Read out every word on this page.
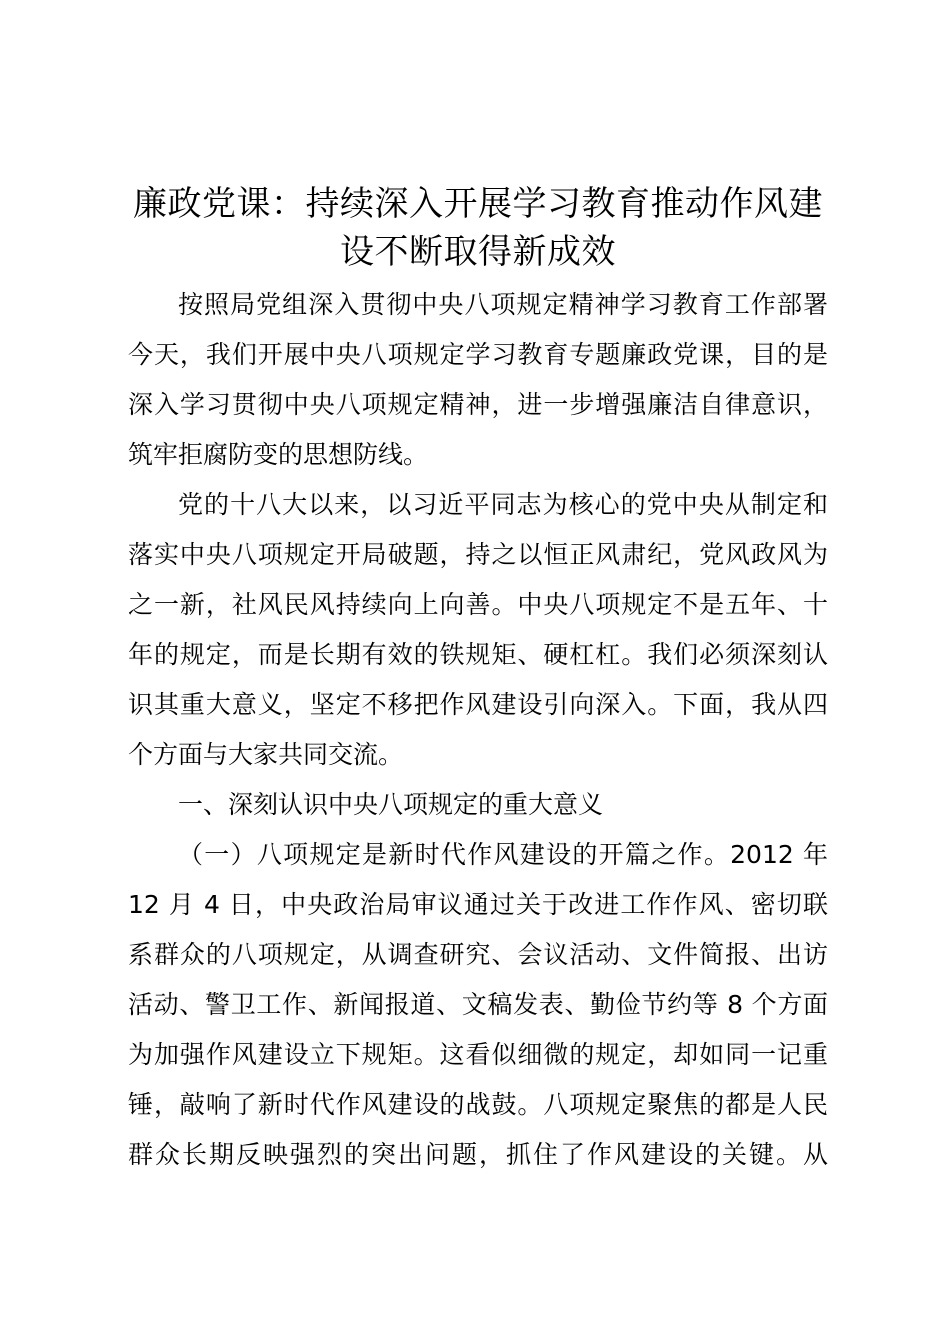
廉政党课：持续深入开展学习教育推动作风建
设不断取得新成效
按照局党组深入贯彻中央八项规定精神学习教育工作部署
今天，我们开展中央八项规定学习教育专题廉政党课，目的是
深入学习贯彻中央八项规定精神，进一步增强廉洁自律意识，
筑牢拒腐防变的思想防线。
党的十八大以来，以习近平同志为核心的党中央从制定和
落实中央八项规定开局破题，持之以恒正风肃纪，党风政风为
之一新，社风民风持续向上向善。中央八项规定不是五年、十
年的规定，而是长期有效的铁规矩、硬杠杠。我们必须深刻认
识其重大意义，坚定不移把作风建设引向深入。下面，我从四
个方面与大家共同交流。
一、深刻认识中央八项规定的重大意义
（一）八项规定是新时代作风建设的开篇之作。2012 年
12 月 4 日，中央政治局审议通过关于改进工作作风、密切联
系群众的八项规定，从调查研究、会议活动、文件简报、出访
活动、警卫工作、新闻报道、文稿发表、勤俭节约等 8 个方面
为加强作风建设立下规矩。这看似细微的规定，却如同一记重
锤，敲响了新时代作风建设的战鼓。八项规定聚焦的都是人民
群众长期反映强烈的突出问题，抓住了作风建设的关键。从
